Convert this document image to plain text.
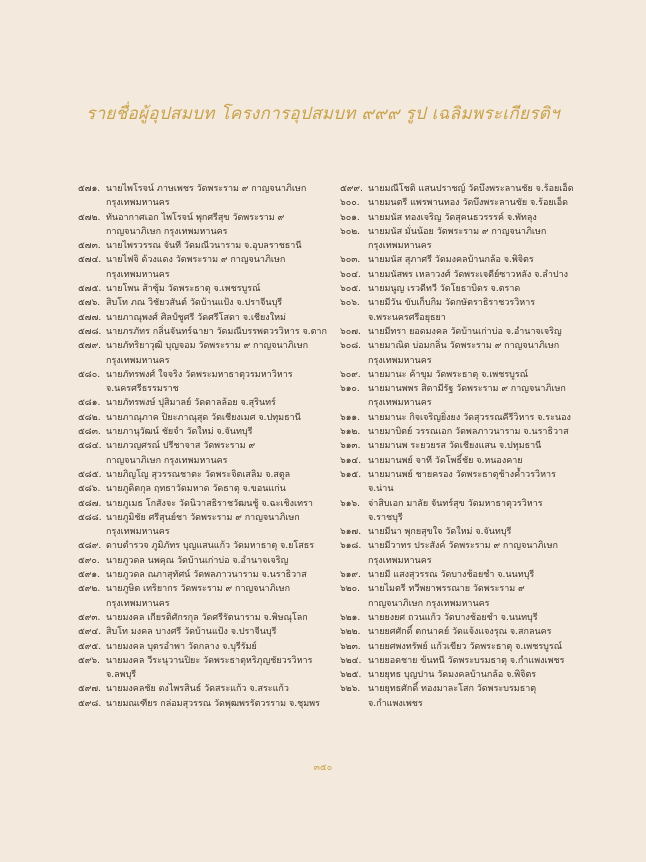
รายชื่อผู้อุปสมบท โครงการอุปสมบท ๙๙๙ รูป เฉลิมพระเกียรติฯ
๕๗๑. นายไพโรจน์ ภาษเพชร วัดพระราม ๙ กาญจนาภิเษก
กรุงเทพมหานคร
๕๗๒. ทันอากาศเอก ไพโรจน์ พุกศรีสุข วัดพระราม ๙
กาญจนาภิเษก กรุงเทพมหานคร
๕๗๓. นายไพรวรรณ จันที วัดมณีวนาราม จ.อุบลราชธานี
๕๗๔. นายไฟจิ ด้วงแดง วัดพระราม ๙ กาญจนาภิเษก
กรุงเทพมหานคร
๕๗๕. นายโพน ส้าซุ้ม วัดพระธาตุ จ.เพชรบูรณ์
๕๗๖. สิบโท ภณ วิชัยวสันต์ วัดบ้านแป้ง จ.ปราจีนบุรี
๕๗๗. นายภาณุพงศ์ ศิลป์ชูศรี วัดศรีโสดา จ.เชียงใหม่
๕๗๘. นายภรภัทร กลิ่นจันทร์ฉายา วัดมณีบรรพตวรวิหาร จ.ตาก
๕๗๙. นายภัทริยาวุฒิ บุญจอม วัดพระราม ๙ กาญจนาภิเษก
กรุงเทพมหานคร
๕๘๐. นายภัทรพงศ์ ใจจริง วัดพระมหาธาตุวรมหาวิหาร
จ.นครศรีธรรมราช
๕๘๑. นายภัทรพงษ์ ปุสิมาลย์ วัดตาลล้อย จ.สุรินทร์
๕๘๒. นายภาณุภาค ปิยะภาณุสุด วัดเชียงเมศ จ.ปทุมธานี
๕๘๓. นายภานุวัฒน์ ชัยจำ วัดใหม่ จ.จันทบุรี
๕๘๔. นายภวญศรณ์ ปรีชาจาส วัดพระราม ๙
กาญจนาภิเษก กรุงเทพมหานคร
๕๘๕. นายภิญโญ สุวรรณชาตะ วัดพระจิตเสลิม จ.สตูล
๕๘๖. นายภูดิตกุล ฤทธาวัดมหาด วัดธาตุ จ.ขอนแก่น
๕๘๗. นายภูเมธ โกสังจะ วัดนิวาสธิราชวัฒนชู้ จ.ฉะเชิงเทรา
๕๘๘. นายภูมิชัย ศรีสุนย์ชา วัดพระราม ๙ กาญจนาภิเษก
กรุงเทพมหานคร
๕๘๙. ดาบตำรวจ ภูมิภัทร บุญแสนแก้ว วัดมหาธาตุ จ.ยโสธร
๕๙๐. นายภูวดล นพคุณ วัดบ้านเก่าบ่อ จ.อำนาจเจริญ
๕๙๑. นายภูวดล ณภาสุทัศน์ วัดพลภาวนาราม จ.นราธิวาส
๕๙๒. นายภูษิต เทริยากร วัดพระราม ๙ กาญจนาภิเษก
กรุงเทพมหานคร
๕๙๓. นายมงคล เกียรติศักรกุล วัดศรีรัตนาราม จ.พิษณุโลก
๕๙๔. สิบโท มงคล บางศรี วัดบ้านแป้ง จ.ปราจีนบุรี
๕๙๕. นายมงคล บุตรอำพา วัดกลาง จ.บุรีรัมย์
๕๙๖. นายมงคล วีระนุวานปิยะ วัดพระธาตุหริภุญชัยวรวิหาร
จ.ลพบุรี
๕๙๗. นายมงคลชัย ตงไพรสินธ์ วัดสระแก้ว จ.สระแก้ว
๕๙๘. นายมณเฑียร กล่อมสุวรรณ วัดพุฒพรรัตวรราม จ.ชุมพร
๕๙๙. นายมณีโชติ แสนปราชญ์ วัดบึงพระลานชัย จ.ร้อยเอ็ด
๖๐๐. นายมนตรี แพรพานทอง วัดบึงพระลานชัย จ.ร้อยเอ็ด
๖๐๑. นายมนัส ทองเจริญ วัดสุคนธวรรรค์ จ.พัทลุง
๖๐๒. นายมนัส มั่นน้อย วัดพระราม ๙ กาญจนาภิเษก
กรุงเทพมหานคร
๖๐๓. นายมนัส สุภาศรี วัดมงคลบ้านกล้อ จ.พิจิตร
๖๐๔. นายมนัสพร เหลาวงศ์ วัดพระเจดีย์ซาวหลัง จ.ลำปาง
๖๐๕. นายมนูญ เรวดีทวี วัดโยธาบิดร จ.ตราด
๖๐๖. นายมีวัน ขับเก็บกิม วัดกษัตราธิราชวรวิหาร
จ.พระนครศรีอยุธยา
๖๐๗. นายมีทรา ยอดมงคล วัดบ้านเก่าบ่อ จ.อำนาจเจริญ
๖๐๘. นายมาณิต บ่อมกลิ่น วัดพระราม ๙ กาญจนาภิเษก
กรุงเทพมหานคร
๖๐๙. นายมานะ ค้าขุม วัดพระธาตุ จ.เพชรบูรณ์
๖๑๐. นายมานพพร สิดามีรัฐ วัดพระราม ๙ กาญจนาภิเษก
กรุงเทพมหานคร
๖๑๑. นายมานะ กิจเจริญยิ่งยง วัดสุวรรณคีรีวิหาร จ.ระนอง
๖๑๒. นายมาบิตย์ วรรณเอก วัดพลภาวนาราม จ.นราธิวาส
๖๑๓. นายมานพ ระยวยรส วัดเชียงแสน จ.ปทุมธานี
๖๑๔. นายมานพย์ จาที วัดโพธิ์ชัย จ.หนองคาย
๖๑๕. นายมานพย์ ชายครอง วัดพระธาตุช้างค้ำวรวิหาร
จ.น่าน
๖๑๖. จ่าสิบเอก มาลัย จันทร์สุข วัดมหาธาตุวรวิหาร
จ.ราชบุรี
๖๑๗. นายมีนา พุกยสุขใจ วัดใหม่ จ.จันทบุรี
๖๑๘. นายมีวาทร ประสังค์ วัดพระราม ๙ กาญจนาภิเษก
กรุงเทพมหานคร
๖๑๙. นายมี แสงสุวรรณ วัดบางช้อยชำ จ.นนทบุรี
๖๒๐. นายไมตรี ทวีพยาพรรณาย วัดพระราม ๙
กาญจนาภิเษก กรุงเทพมหานคร
๖๒๑. นายยงยศ ถวนแก้ว วัดบางช้อยชำ จ.นนทบุรี
๖๒๒. นายยศศักดิ์ ตกนาคย์ วัดแจ้งแจงรุณ จ.สกลนคร
๖๒๓. นายยศพงทรัพย์ แก้วเขียว วัดพระธาตุ จ.เพชรบูรณ์
๖๒๔. นายยอดชาย ข้นทนี วัดพระบรมธาตุ จ.กำแพงเพชร
๖๒๕. นายยุทธ บุญปาน วัดมงคลบ้านกล้อ จ.พิจิตร
๖๒๖. นายยุทธศักดิ์ ทองมาละโสก วัดพระบรมธาตุ
จ.กำแพงเพชร
๓๕๐
